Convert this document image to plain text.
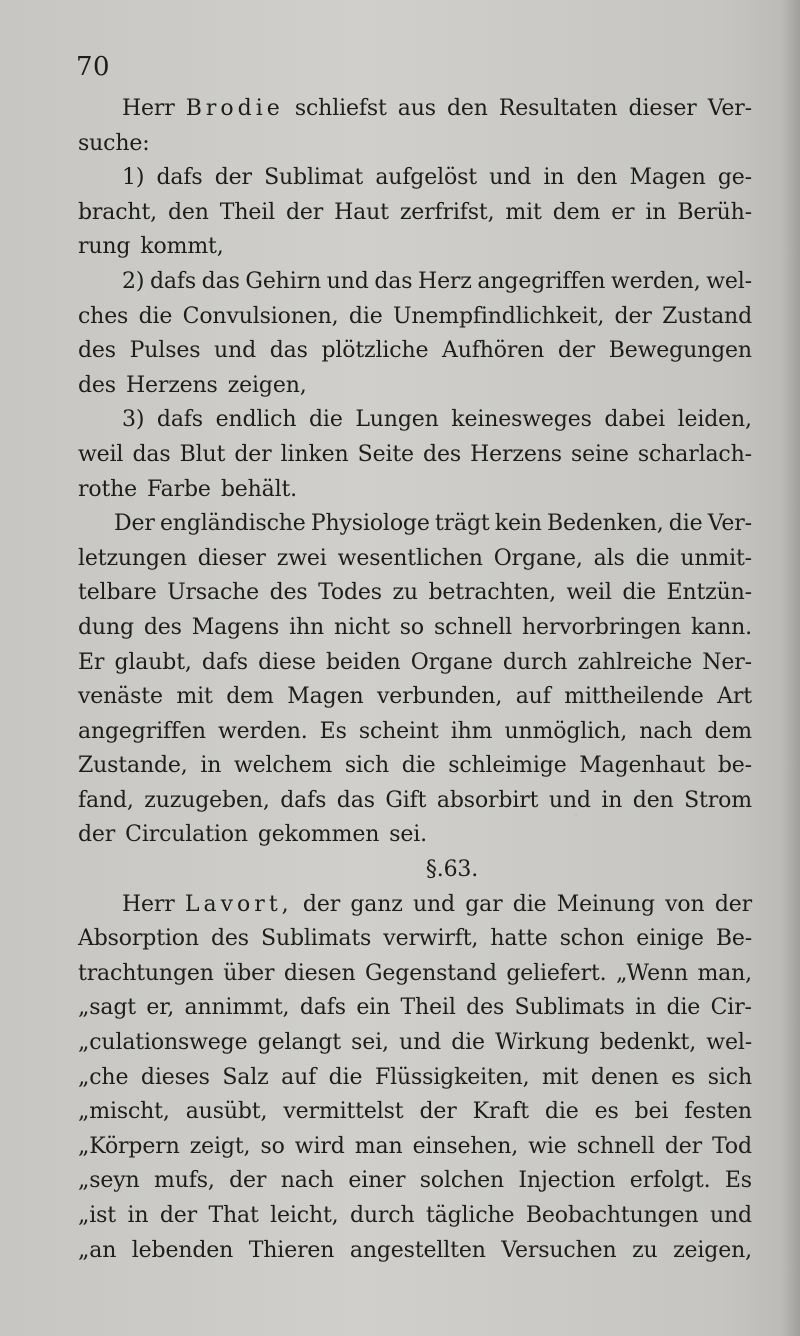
70
Herr Brodie schliefst aus den Resultaten dieser Ver-
suche:
1) dafs der Sublimat aufgelöst und in den Magen ge-
bracht, den Theil der Haut zerfrifst, mit dem er in Berüh-
rung kommt,
2) dafs das Gehirn und das Herz angegriffen werden, wel-
ches die Convulsionen, die Unempfindlichkeit, der Zustand
des Pulses und das plötzliche Aufhören der Bewegungen
des Herzens zeigen,
3) dafs endlich die Lungen keinesweges dabei leiden,
weil das Blut der linken Seite des Herzens seine scharlach-
rothe Farbe behält.
Der engländische Physiologe trägt kein Bedenken, die Ver-
letzungen dieser zwei wesentlichen Organe, als die unmit-
telbare Ursache des Todes zu betrachten, weil die Entzün-
dung des Magens ihn nicht so schnell hervorbringen kann.
Er glaubt, dafs diese beiden Organe durch zahlreiche Ner-
venäste mit dem Magen verbunden, auf mittheilende Art
angegriffen werden. Es scheint ihm unmöglich, nach dem
Zustande, in welchem sich die schleimige Magenhaut be-
fand, zuzugeben, dafs das Gift absorbirt und in den Strom
der Circulation gekommen sei.
§. 63.
Herr Lavort, der ganz und gar die Meinung von der
Absorption des Sublimats verwirft, hatte schon einige Be-
trachtungen über diesen Gegenstand geliefert. „Wenn man,
„sagt er, annimmt, dafs ein Theil des Sublimats in die Cir-
„culationswege gelangt sei, und die Wirkung bedenkt, wel-
„che dieses Salz auf die Flüssigkeiten, mit denen es sich
„mischt, ausübt, vermittelst der Kraft die es bei festen
„Körpern zeigt, so wird man einsehen, wie schnell der Tod
„seyn mufs, der nach einer solchen Injection erfolgt. Es
„ist in der That leicht, durch tägliche Beobachtungen und
„an lebenden Thieren angestellten Versuchen zu zeigen,
